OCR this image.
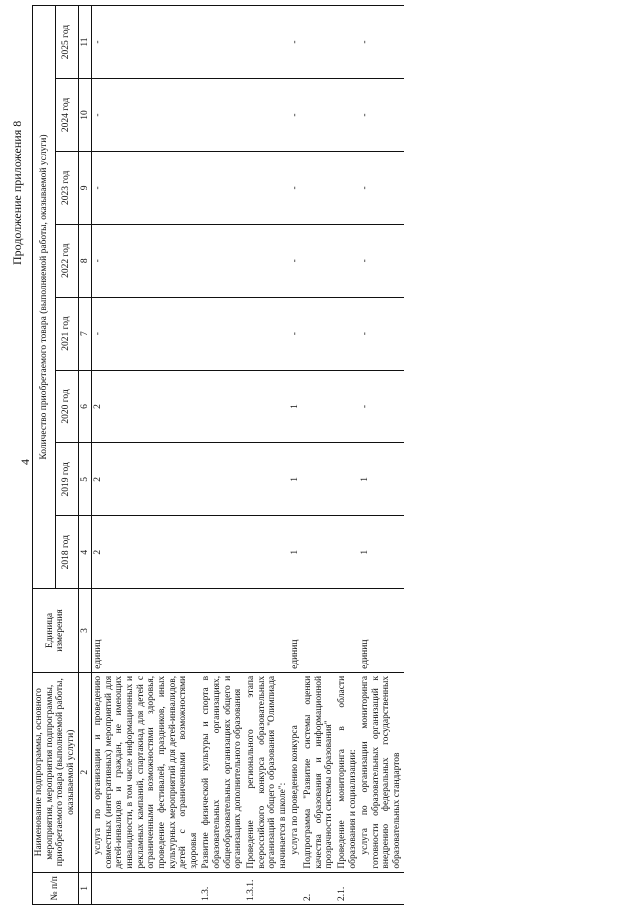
4
Продолжение приложения 8
№ п/п	Наименование подпрограммы, основного мероприятия, мероприятия подпрограммы, приобретаемого товара (выполняемой работы, оказываемой услуги)	Единица измерения	Количество приобретаемого товара (выполняемой работы, оказываемой услуги)							
			2018 год	2019 год	2020 год	2021 год	2022 год	2023 год	2024 год	2025 год
1	2	3	4	5	6	7	8	9	10	11
	услуга по организации и проведению совместных (интегративных) мероприятий для детей-инвалидов и граждан, не имеющих инвалидности, в том числе информационных и рекламных кампаний, спартакиад для детей с ограниченными возможностями здоровья, проведение фестивалей, праздников, иных культурных мероприятий для детей-инвалидов, детей с ограниченными возможностями здоровья	единиц	2	2	2	-	-	-	-	-
1.3.	Развитие физической культуры и спорта в образовательных организациях, общеобразовательных организациях общего и организациях дополнительного образования									
1.3.1.	Проведение регионального этапа всероссийского конкурса образовательных организаций общего образования "Олимпиада начинается в школе":									
	услуга по проведению конкурса	единиц	1	1	1	-	-	-	-	-
2.	Подпрограмма "Развитие системы оценки качества образования и информационной прозрачности системы образования"									
2.1.	Проведение мониторинга в области образования и социализации:									
	услуга по организации мониторинга готовности образовательных организаций к внедрению федеральных государственных образовательных стандартов	единиц	1	1	-	-	-	-	-	-
